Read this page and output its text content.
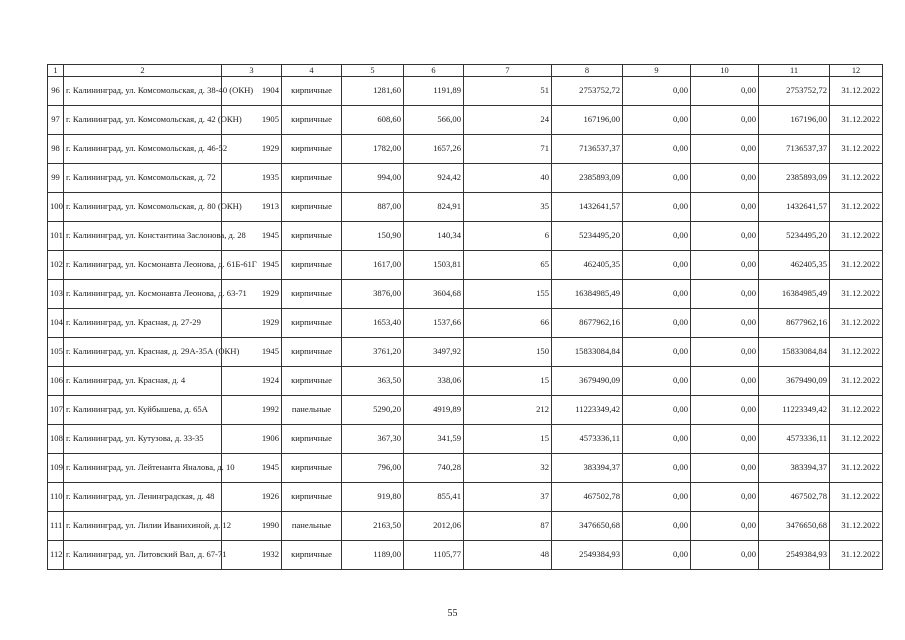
1	2	3	4	5	6	7	8	9	10	11	12
96	г. Калининград, ул. Комсомольская, д. 38-40 (ОКН)	1904	кирпичные	1281,60	1191,89	51	2753752,72	0,00	0,00	2753752,72	31.12.2022
97	г. Калининград, ул. Комсомольская, д. 42 (ОКН)	1905	кирпичные	608,60	566,00	24	167196,00	0,00	0,00	167196,00	31.12.2022
98	г. Калининград, ул. Комсомольская, д. 46-52	1929	кирпичные	1782,00	1657,26	71	7136537,37	0,00	0,00	7136537,37	31.12.2022
99	г. Калининград, ул. Комсомольская, д. 72	1935	кирпичные	994,00	924,42	40	2385893,09	0,00	0,00	2385893,09	31.12.2022
100	г. Калининград, ул. Комсомольская, д. 80 (ОКН)	1913	кирпичные	887,00	824,91	35	1432641,57	0,00	0,00	1432641,57	31.12.2022
101	г. Калининград, ул. Константина Заслонова, д. 28	1945	кирпичные	150,90	140,34	6	5234495,20	0,00	0,00	5234495,20	31.12.2022
102	г. Калининград, ул. Космонавта Леонова, д. 61Б-61Г	1945	кирпичные	1617,00	1503,81	65	462405,35	0,00	0,00	462405,35	31.12.2022
103	г. Калининград, ул. Космонавта Леонова, д. 63-71	1929	кирпичные	3876,00	3604,68	155	16384985,49	0,00	0,00	16384985,49	31.12.2022
104	г. Калининград, ул. Красная, д. 27-29	1929	кирпичные	1653,40	1537,66	66	8677962,16	0,00	0,00	8677962,16	31.12.2022
105	г. Калининград, ул. Красная, д. 29А-35А (ОКН)	1945	кирпичные	3761,20	3497,92	150	15833084,84	0,00	0,00	15833084,84	31.12.2022
106	г. Калининград, ул. Красная, д. 4	1924	кирпичные	363,50	338,06	15	3679490,09	0,00	0,00	3679490,09	31.12.2022
107	г. Калининград, ул. Куйбышева, д. 65А	1992	панельные	5290,20	4919,89	212	11223349,42	0,00	0,00	11223349,42	31.12.2022
108	г. Калининград, ул. Кутузова, д. 33-35	1906	кирпичные	367,30	341,59	15	4573336,11	0,00	0,00	4573336,11	31.12.2022
109	г. Калининград, ул. Лейтенанта Яналова, д. 10	1945	кирпичные	796,00	740,28	32	383394,37	0,00	0,00	383394,37	31.12.2022
110	г. Калининград, ул. Ленинградская, д. 48	1926	кирпичные	919,80	855,41	37	467502,78	0,00	0,00	467502,78	31.12.2022
111	г. Калининград, ул. Лилии Иванихиной, д. 12	1990	панельные	2163,50	2012,06	87	3476650,68	0,00	0,00	3476650,68	31.12.2022
112	г. Калининград, ул. Литовский Вал, д. 67-71	1932	кирпичные	1189,00	1105,77	48	2549384,93	0,00	0,00	2549384,93	31.12.2022
55
